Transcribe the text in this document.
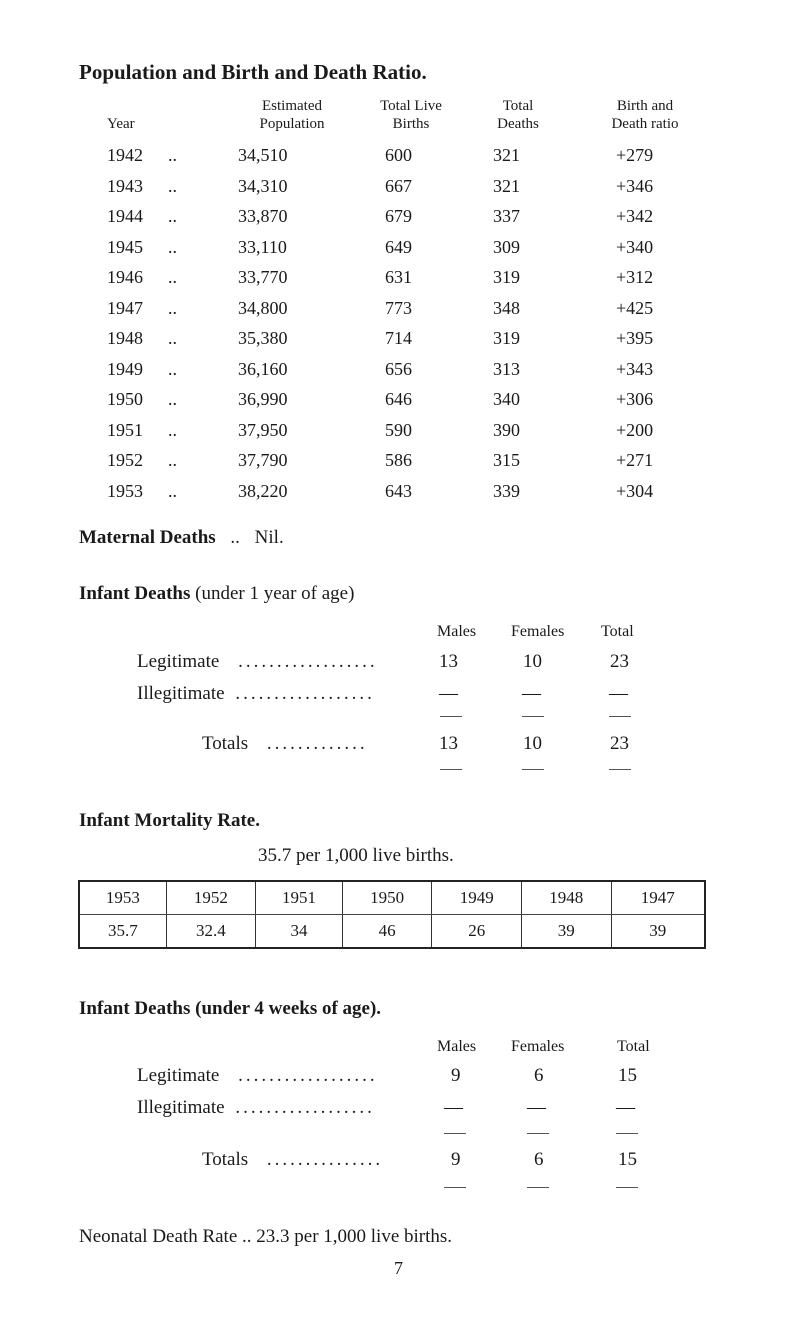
Population and Birth and Death Ratio.
Year
Estimated
Population
Total Live
Births
Total
Deaths
Birth and
Death ratio
1942 ..	34,510	600	321	+279
1943 ..	34,310	667	321	+346
1944 ..	33,870	679	337	+342
1945 ..	33,110	649	309	+340
1946 ..	33,770	631	319	+312
1947 ..	34,800	773	348	+425
1948 ..	35,380	714	319	+395
1949 ..	36,160	656	313	+343
1950 ..	36,990	646	340	+306
1951 ..	37,950	590	390	+200
1952 ..	37,790	586	315	+271
1953 ..	38,220	643	339	+304
Maternal Deaths .. Nil.
Infant Deaths (under 1 year of age)
Males Females Total
Legitimate ..................	13	10	23
Illegitimate ..................	—	—	—
Totals .............	13	10	23
Infant Mortality Rate.
35.7 per 1,000 live births.
1953	1952	1951	1950	1949	1948	1947
35.7	32.4	34	46	26	39	39
Infant Deaths (under 4 weeks of age).
Males Females	Total
Legitimate ..................	9	6	15
Illegitimate ..................	—	—	—
Totals ...............	9	6	15
Neonatal Death Rate .. 23.3 per 1,000 live births.
7
